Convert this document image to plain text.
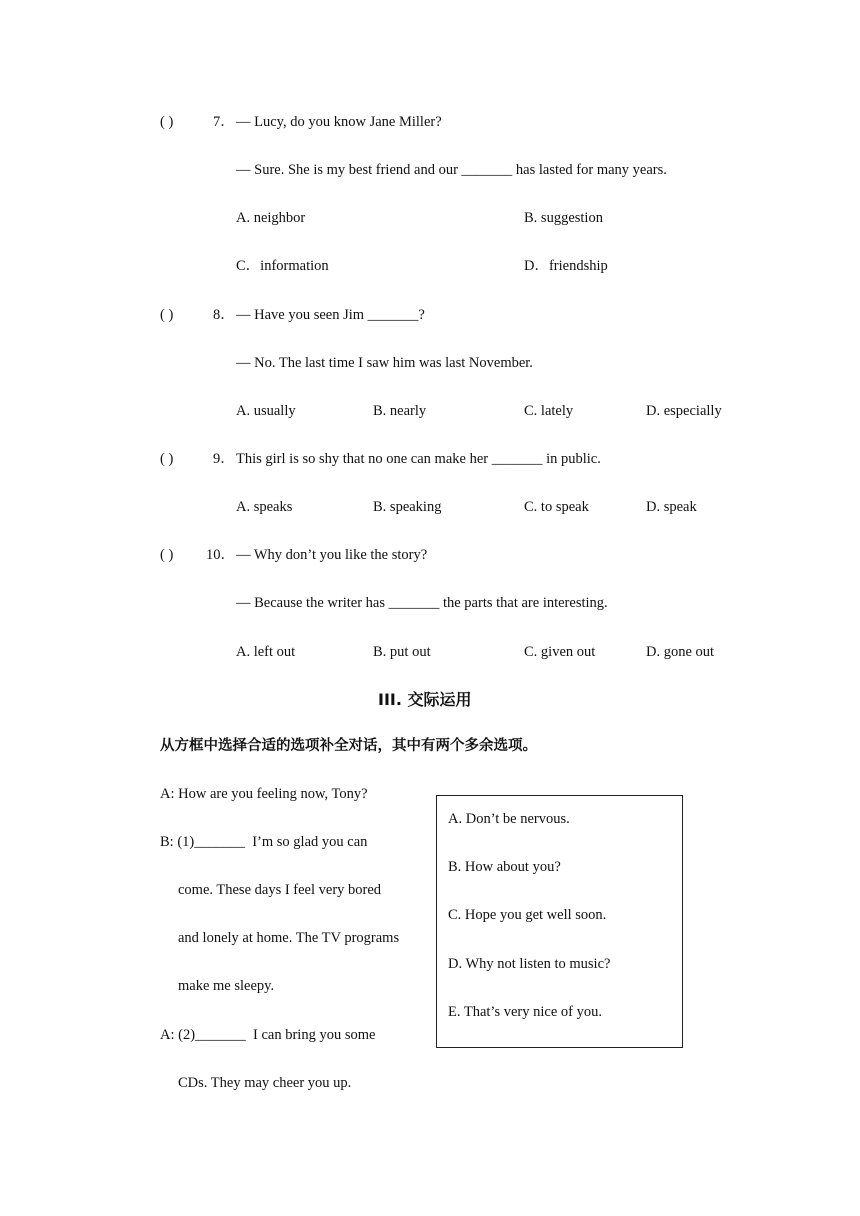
( )	7． — Lucy, do you know Jane Miller?
— Sure. She is my best friend and our _______ has lasted for many years.
A. neighbor	B. suggestion
C．information	D．friendship
( )	8． — Have you seen Jim _______?
— No. The last time I saw him was last November.
A. usually	B. nearly	C. lately	D. especially
( )	9． This girl is so shy that no one can make her _______ in public.
A. speaks	B. speaking	C. to speak	D. speak
( ) 10． — Why don’t you like the story?
— Because the writer has _______ the parts that are interesting.
A. left out	B. put out	C. given out	D. gone out
III. 交际运用
从方框中选择合适的选项补全对话，其中有两个多余选项。
A: How are you feeling now, Tony?
B: (1)_______  I’m so glad you can
come. These days I feel very bored
and lonely at home. The TV programs
make me sleepy.
A: (2)_______  I can bring you some
CDs. They may cheer you up.
A. Don’t be nervous.
B. How about you?
C. Hope you get well soon.
D. Why not listen to music?
E. That’s very nice of you.
